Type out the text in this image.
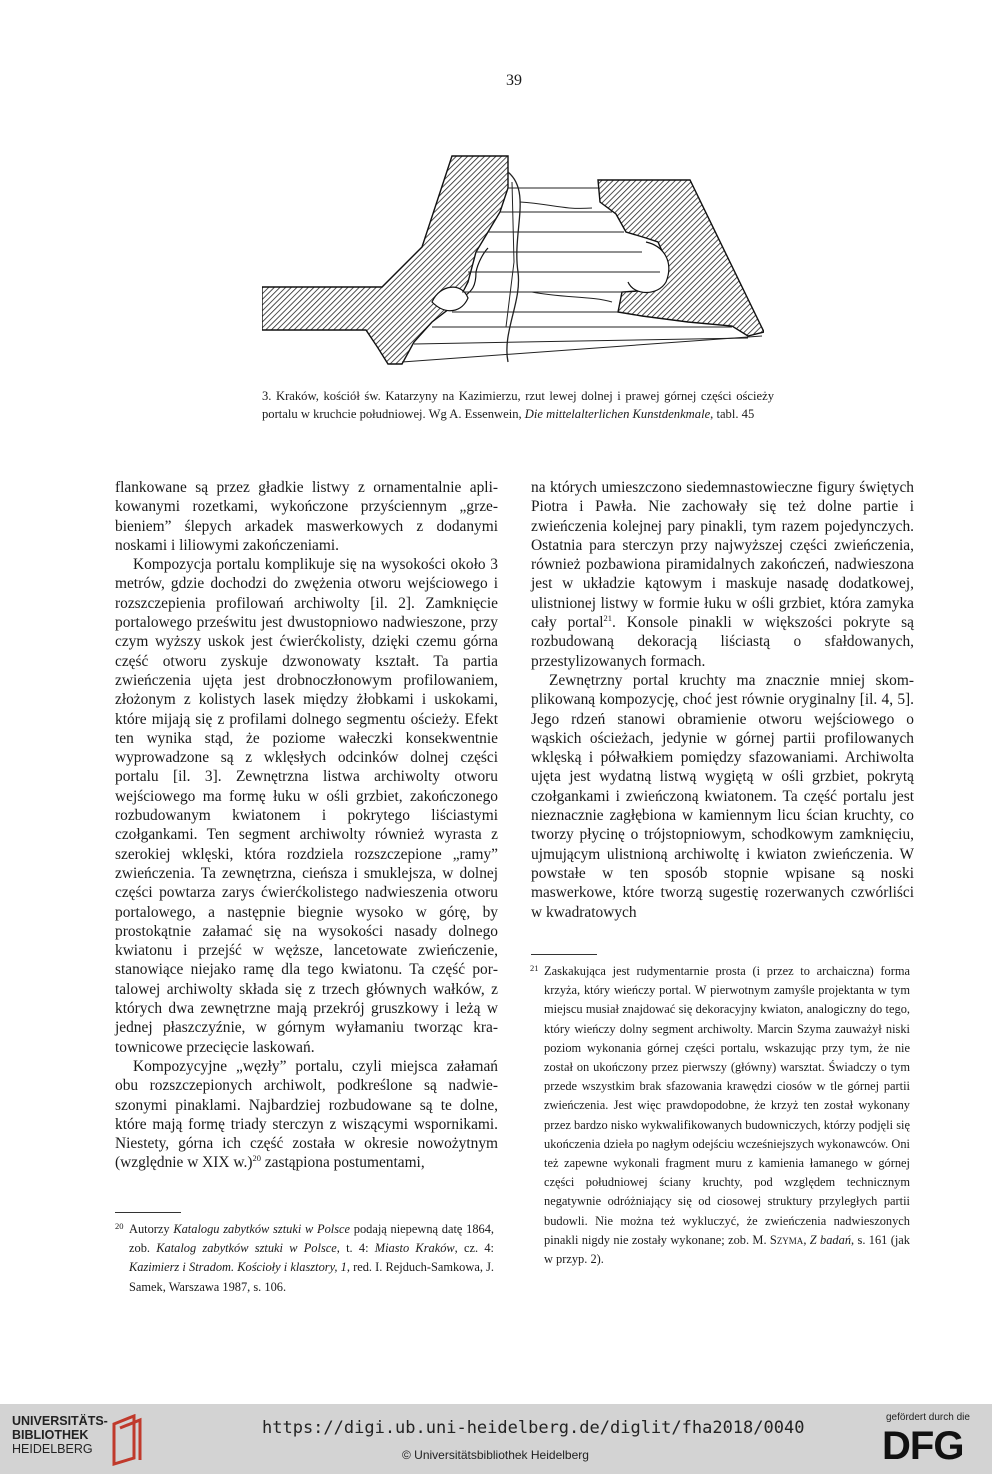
39
3. Kraków, kościół św. Katarzyny na Kazimierzu, rzut lewej dolnej i prawej górnej części ościeży portalu w kruchcie południowej. Wg A. Essenwein, Die mittelalterlichen Kunstdenkmale, tabl. 45

flankowane są przez gładkie listwy z ornamentalnie aplikowanymi rozetkami, wykończone przyściennym „grzebieniem” ślepych arkadek maswerkowych z dodanymi noskami i liliowymi zakończeniami.

Kompozycja portalu komplikuje się na wysokości około 3 metrów, gdzie dochodzi do zwężenia otworu wejściowego i rozszczepienia profilowań archiwolty [il. 2]. Zamknięcie portalowego prześwitu jest dwustopniowo nadwieszone, przy czym wyższy uskok jest ćwierćkolisty, dzięki czemu górna część otworu zyskuje dzwonowaty kształt. Ta partia zwieńczenia ujęta jest drobnoczłonowym profilowaniem, złożonym z kolistych lasek między żłobkami i uskokami, które mijają się z profilami dolnego segmentu ościeży. Efekt ten wynika stąd, że poziome wałeczki konsekwentnie wyprowadzone są z wklęsłych odcinków dolnej części portalu [il. 3]. Zewnętrzna listwa archiwolty otworu wejściowego ma formę łuku w ośli grzbiet, zakończonego rozbudowanym kwiatonem i pokrytego liściastymi czołgankami. Ten segment archiwolty również wyrasta z szerokiej wklęski, która rozdziela rozszczepione „ramy” zwieńczenia. Ta zewnętrzna, cieńsza i smuklejsza, w dolnej części powtarza zarys ćwierćkolistego nadwieszenia otworu portalowego, a następnie biegnie wysoko w górę, by prostokątnie załamać się na wysokości nasady dolnego kwiatonu i przejść w węższe, lancetowate zwieńczenie, stanowiące niejako ramę dla tego kwiatonu. Ta część portalowej archiwolty składa się z trzech głównych wałków, z których dwa zewnętrzne mają przekrój gruszkowy i leżą w jednej płaszczyźnie, w górnym wyłamaniu tworząc kratownicowe przecięcie laskowań.

Kompozycyjne „węzły” portalu, czyli miejsca załamań obu rozszczepionych archiwolt, podkreślone są nadwieszonymi pinaklami. Najbardziej rozbudowane są te dolne, które mają formę triady sterczyn z wiszącymi wspornikami. Niestety, górna ich część została w okresie nowożytnym (względnie w XIX w.)$^{20}$ zastąpiona postumentami,

na których umieszczono siedemnastowieczne figury świętych Piotra i Pawła. Nie zachowały się też dolne partie i zwieńczenia kolejnej pary pinakli, tym razem pojedynczych. Ostatnia para sterczyn przy najwyższej części zwieńczenia, również pozbawiona piramidalnych zakończeń, nadwieszona jest w układzie kątowym i maskuje nasadę dodatkowej, ulistnionej listwy w formie łuku w ośli grzbiet, która zamyka cały portal$^{21}$. Konsole pinakli w większości pokryte są rozbudowaną dekoracją liściastą o sfałdowanych, przestylizowanych formach.

Zewnętrzny portal kruchty ma znacznie mniej skomplikowaną kompozycję, choć jest równie oryginalny [il. 4, 5]. Jego rdzeń stanowi obramienie otworu wejściowego o wąskich ościeżach, jedynie w górnej partii profilowanych wklęską i półwałkiem pomiędzy sfazowaniami. Archiwolta ujęta jest wydatną listwą wygiętą w ośli grzbiet, pokrytą czołgankami i zwieńczoną kwiatonem. Ta część portalu jest nieznacznie zagłębiona w kamiennym licu ścian kruchty, co tworzy płycinę o trójstopniowym, schodkowym zamknięciu, ujmującym ulistnioną archiwoltę i kwiaton zwieńczenia. W powstałe w ten sposób stopnie wpisane są noski maswerkowe, które tworzą sugestię rozerwanych czwórliści w kwadratowych

21 Zaskakująca jest rudymentarnie prosta (i przez to archaiczna) forma krzyża, który wieńczy portal. W pierwotnym zamyśle projektanta w tym miejscu musiał znajdować się dekoracyjny kwiaton, analogiczny do tego, który wieńczy dolny segment archiwolty. Marcin Szyma zauważył niski poziom wykonania górnej części portalu, wskazując przy tym, że nie został on ukończony przez pierwszy (główny) warsztat. Świadczy o tym przede wszystkim brak sfazowania krawędzi ciosów w tle górnej partii zwieńczenia. Jest więc prawdopodobne, że krzyż ten został wykonany przez bardzo nisko wykwalifikowanych budowniczych, którzy podjęli się ukończenia dzieła po nagłym odejściu wcześniejszych wykonawców. Oni też zapewne wykonali fragment muru z kamienia łamanego w górnej części południowej ściany kruchty, pod względem technicznym negatywnie odróżniający się od ciosowej struktury przyległych partii budowli. Nie można też wykluczyć, że zwieńczenia nadwieszonych pinakli nigdy nie zostały wykonane; zob. M. Szyma, Z badań, s. 161 (jak w przyp. 2).
20 Autorzy Katalogu zabytków sztuki w Polsce podają niepewną datę 1864, zob. Katalog zabytków sztuki w Polsce, t. 4: Miasto Kraków, cz. 4: Kazimierz i Stradom. Kościoły i klasztory, 1, red. I. Rejduch-Samkowa, J. Samek, Warszawa 1987, s. 106.
UNIVERSITÄTS-
BIBLIOTHEK
HEIDELBERG
https://digi.ub.uni-heidelberg.de/diglit/fha2018/0040
© Universitätsbibliothek Heidelberg
gefördert durch die
DFG
